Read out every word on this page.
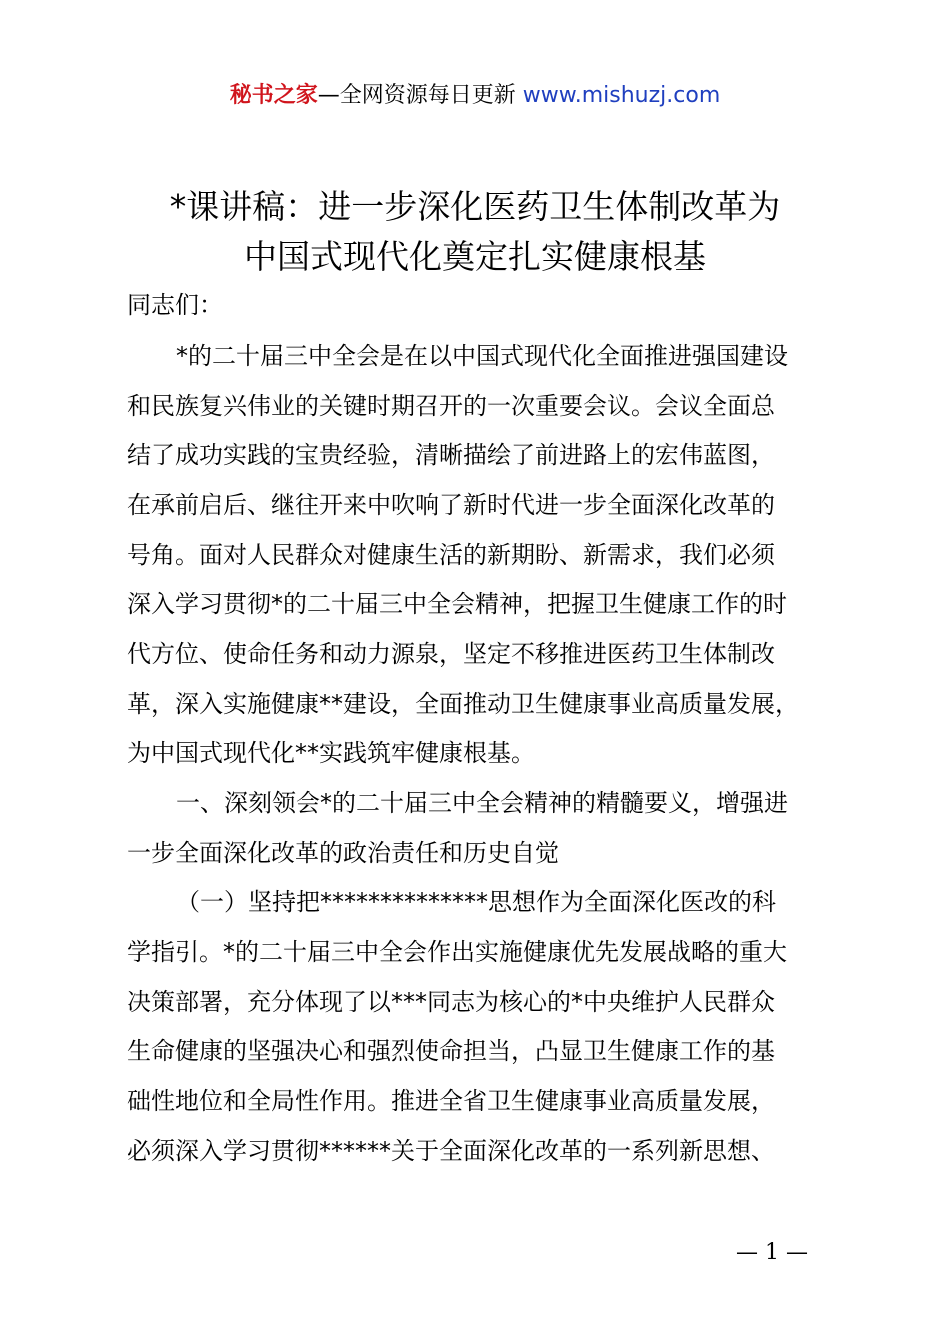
秘书之家—全网资源每日更新 www.mishuzj.com
*课讲稿：进一步深化医药卫生体制改革为
中国式现代化奠定扎实健康根基
同志们：
*的二十届三中全会是在以中国式现代化全面推进强国建设
和民族复兴伟业的关键时期召开的一次重要会议。会议全面总
结了成功实践的宝贵经验，清晰描绘了前进路上的宏伟蓝图，
在承前启后、继往开来中吹响了新时代进一步全面深化改革的
号角。面对人民群众对健康生活的新期盼、新需求，我们必须
深入学习贯彻*的二十届三中全会精神，把握卫生健康工作的时
代方位、使命任务和动力源泉，坚定不移推进医药卫生体制改
革，深入实施健康**建设，全面推动卫生健康事业高质量发展，
为中国式现代化**实践筑牢健康根基。
一、深刻领会*的二十届三中全会精神的精髓要义，增强进
一步全面深化改革的政治责任和历史自觉
（一）坚持把**************思想作为全面深化医改的科
学指引。*的二十届三中全会作出实施健康优先发展战略的重大
决策部署，充分体现了以***同志为核心的*中央维护人民群众
生命健康的坚强决心和强烈使命担当，凸显卫生健康工作的基
础性地位和全局性作用。推进全省卫生健康事业高质量发展，
必须深入学习贯彻******关于全面深化改革的一系列新思想、
— 1 —
